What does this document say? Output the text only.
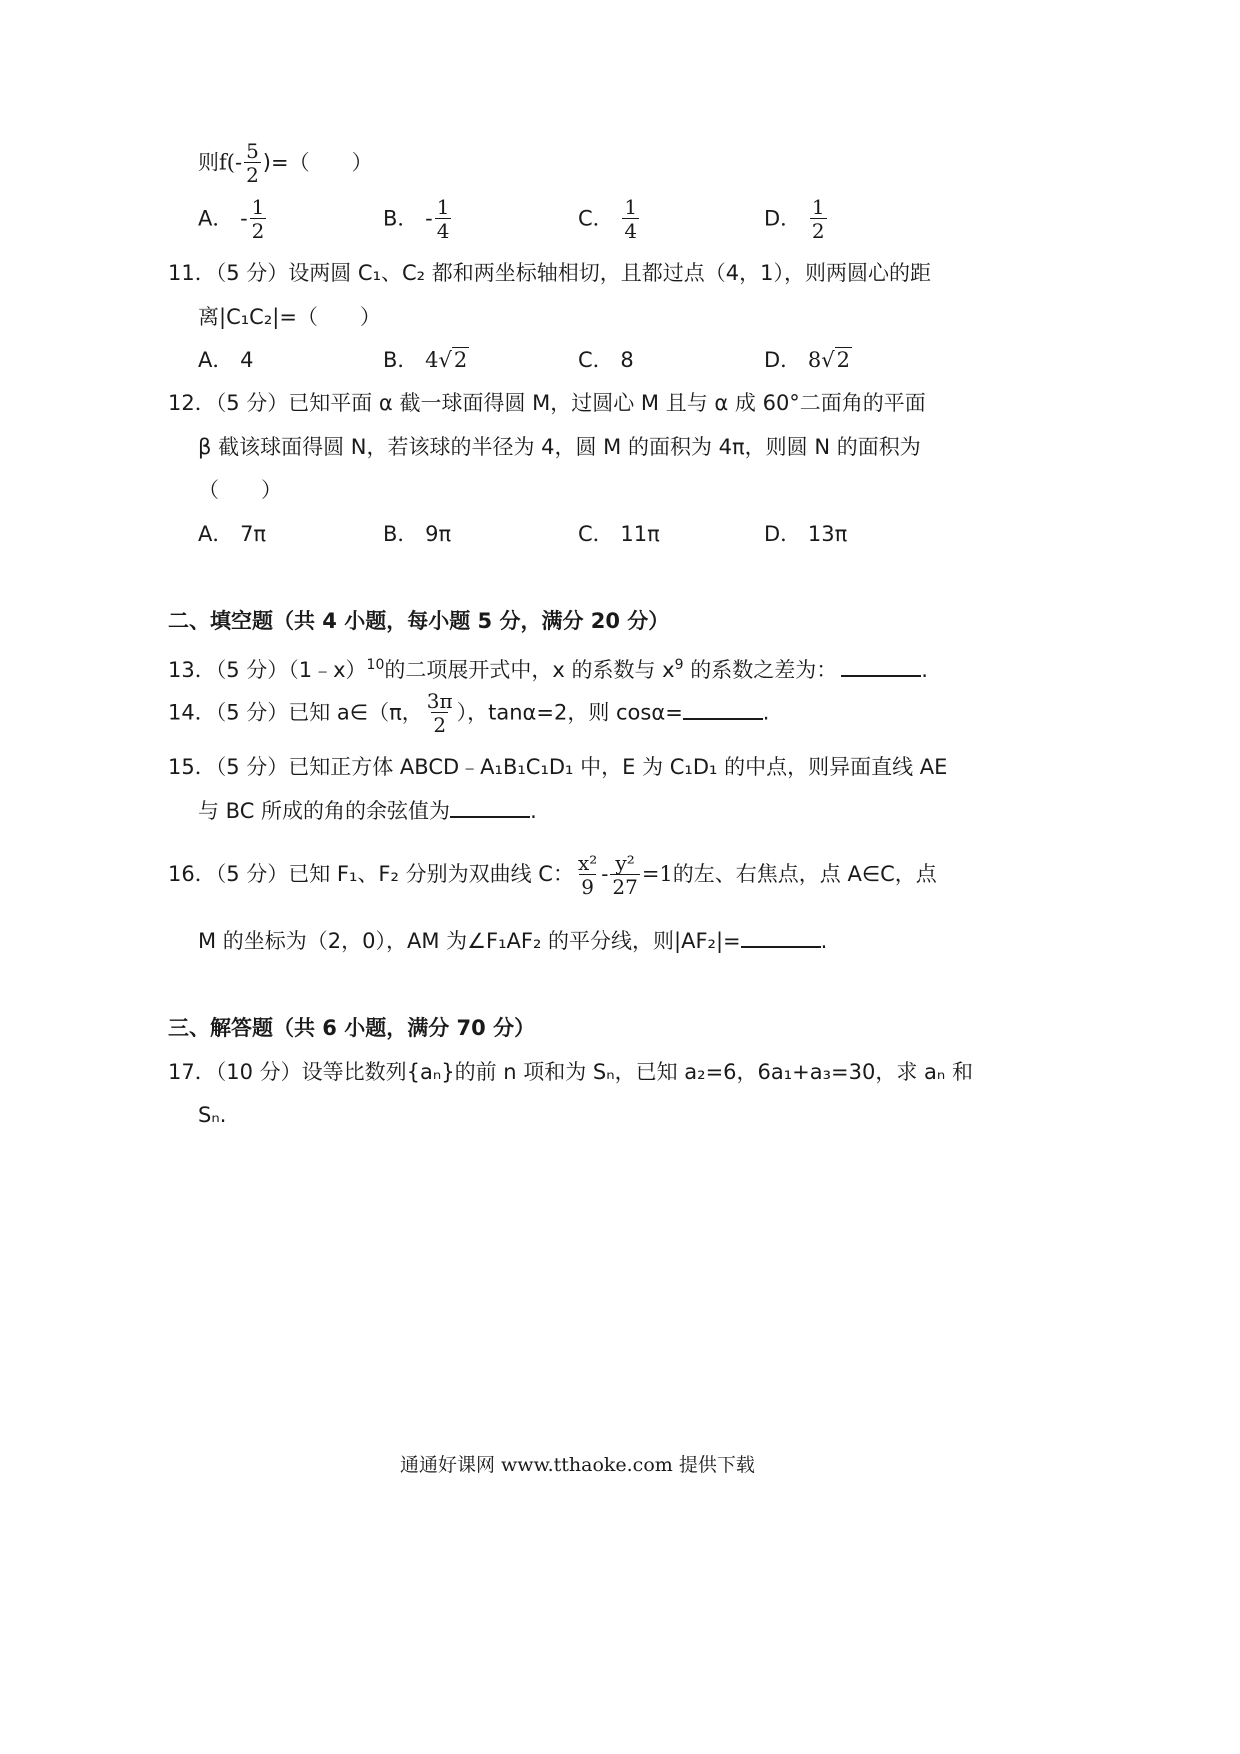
则$f(- \frac{5}{2}$ )=（　　）
A． - $\frac{1}{2}$	B． - $\frac{1}{4}$	C． $\frac{1}{4}$	D． $\frac{1}{2}$
11．（5 分）设两圆 C₁、C₂ 都和两坐标轴相切，且都过点（4，1），则两圆心的距
离|C₁C₂|=（　　）
A． 4	B． 4√2	C． 8	D． 8√2
12．（5 分）已知平面 α 截一球面得圆 M，过圆心 M 且与 α 成 60°二面角的平面
β 截该球面得圆 N，若该球的半径为 4，圆 M 的面积为 4π，则圆 N 的面积为
（　　）
A． 7π	B． 9π	C． 11π	D． 13π
二、填空题（共 4 小题，每小题 5 分，满分 20 分）
13．（5 分）（1﹣x）$^{10}$的二项展开式中，x 的系数与 $x^9$ 的系数之差为：	.
14．（5 分）已知 a∈（π， $\frac{3\pi}{2}$ ），tanα=2，则 cosα=	.
15．（5 分）已知正方体 ABCD﹣A₁B₁C₁D₁ 中，E 为 C₁D₁ 的中点，则异面直线 AE
与 BC 所成的角的余弦值为	.
16．（5 分）已知 F₁、F₂ 分别为双曲线 C： $\frac{\text{x²}}{9} - \frac{\text{y²}}{27} =1$的左、右焦点，点 A∈C，点
M 的坐标为（2，0），AM 为∠F₁AF₂ 的平分线，则|AF₂|=	.
三、解答题（共 6 小题，满分 70 分）
17．（10 分）设等比数列{aₙ}的前 n 项和为 Sₙ，已知 a₂=6，6a₁+a₃=30，求 aₙ 和
Sₙ.
通通好课网 www.tthaoke.com 提供下载
